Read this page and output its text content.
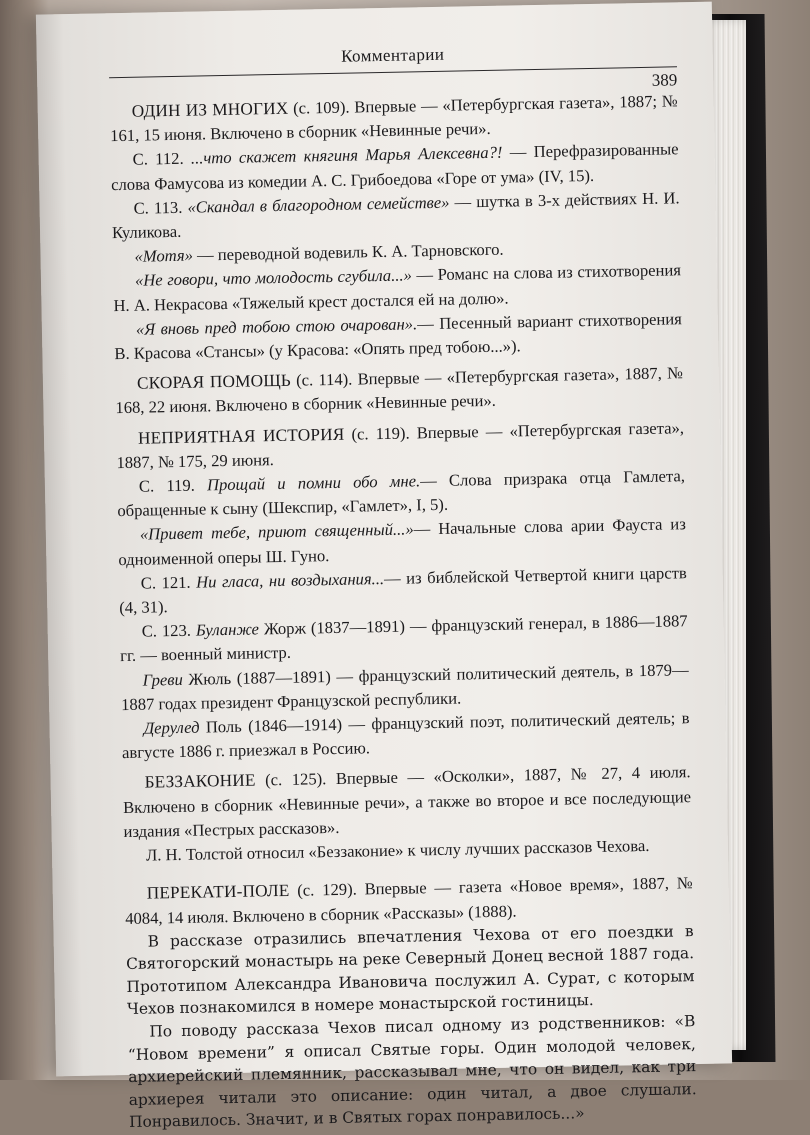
Комментарии
389

ОДИН ИЗ МНОГИХ (с. 109). Впервые — «Петербургская газета», 1887; № 161, 15 июня. Включено в сборник «Невинные речи».

С. 112. ...что скажет княгиня Марья Алексевна?! — Перефразированные слова Фамусова из комедии А. С. Грибоедова «Горе от ума» (IV, 15).

С. 113. «Скандал в благородном семействе» — шутка в 3-х действиях Н. И. Куликова.

«Мотя» — переводной водевиль К. А. Тарновского.

«Не говори, что молодость сгубила...» — Романс на слова из стихотворения Н. А. Некрасова «Тяжелый крест достался ей на долю».

«Я вновь пред тобою стою очарован».— Песенный вариант стихотворения В. Красова «Стансы» (у Красова: «Опять пред тобою...»).

СКОРАЯ ПОМОЩЬ (с. 114). Впервые — «Петербургская газета», 1887, № 168, 22 июня. Включено в сборник «Невинные речи».

НЕПРИЯТНАЯ ИСТОРИЯ (с. 119). Впервые — «Петербургская газета», 1887, № 175, 29 июня.

С. 119. Прощай и помни обо мне.— Слова призрака отца Гамлета, обращенные к сыну (Шекспир, «Гамлет», I, 5).

«Привет тебе, приют священный...»— Начальные слова арии Фауста из одноименной оперы Ш. Гуно.

С. 121. Ни гласа, ни воздыхания...— из библейской Четвертой книги царств (4, 31).

С. 123. Буланже Жорж (1837—1891) — французский генерал, в 1886—1887 гг. — военный министр.

Греви Жюль (1887—1891) — французский политический деятель, в 1879—1887 годах президент Французской республики.

Дерулед Поль (1846—1914) — французский поэт, политический деятель; в августе 1886 г. приезжал в Россию.

БЕЗЗАКОНИЕ (с. 125). Впервые — «Осколки», 1887, № 27, 4 июля. Включено в сборник «Невинные речи», а также во второе и все последующие издания «Пестрых рассказов».

Л. Н. Толстой относил «Беззаконие» к числу лучших рассказов Чехова.

ПЕРЕКАТИ-ПОЛЕ (с. 129). Впервые — газета «Новое время», 1887, № 4084, 14 июля. Включено в сборник «Рассказы» (1888).

В рассказе отразились впечатления Чехова от его поездки в Святогорский монастырь на реке Северный Донец весной 1887 года. Прототипом Александра Ивановича послужил А. Сурат, с которым Чехов познакомился в номере монастырской гостиницы.

По поводу рассказа Чехов писал одному из родственников: «В “Новом времени” я описал Святые горы. Один молодой человек, архиерейский племянник, рассказывал мне, что он видел, как три архиерея читали это описание: один читал, а двое слушали. Понравилось. Значит, и в Святых горах понравилось...»
